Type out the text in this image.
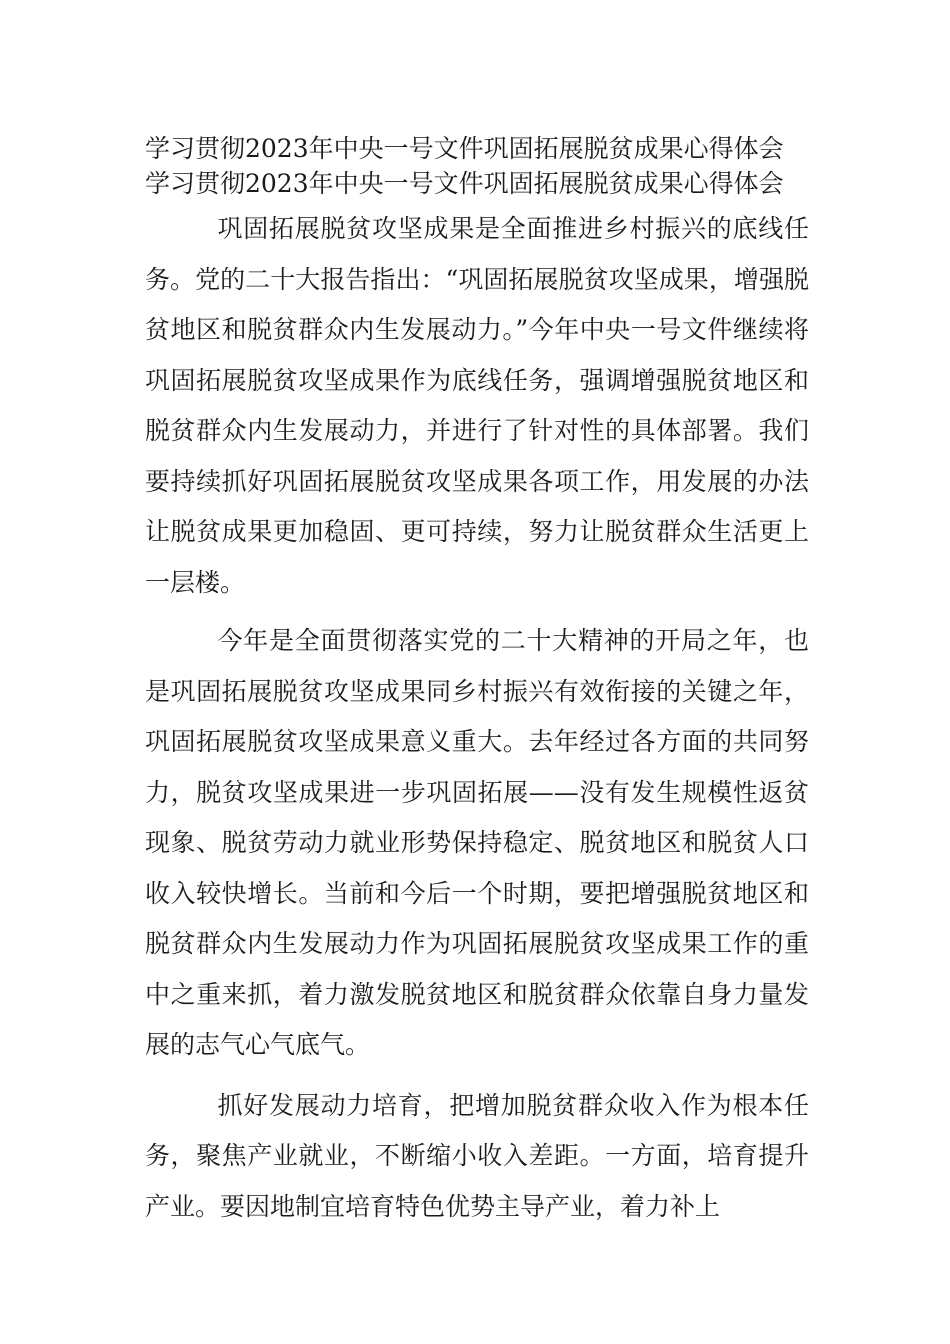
学习贯彻2023年中央一号文件巩固拓展脱贫成果心得体会
学习贯彻2023年中央一号文件巩固拓展脱贫成果心得体会

巩固拓展脱贫攻坚成果是全面推进乡村振兴的底线任务。党的二十大报告指出：“巩固拓展脱贫攻坚成果，增强脱贫地区和脱贫群众内生发展动力。”今年中央一号文件继续将巩固拓展脱贫攻坚成果作为底线任务，强调增强脱贫地区和脱贫群众内生发展动力，并进行了针对性的具体部署。我们要持续抓好巩固拓展脱贫攻坚成果各项工作，用发展的办法让脱贫成果更加稳固、更可持续，努力让脱贫群众生活更上一层楼。

今年是全面贯彻落实党的二十大精神的开局之年，也是巩固拓展脱贫攻坚成果同乡村振兴有效衔接的关键之年，巩固拓展脱贫攻坚成果意义重大。去年经过各方面的共同努力，脱贫攻坚成果进一步巩固拓展——没有发生规模性返贫现象、脱贫劳动力就业形势保持稳定、脱贫地区和脱贫人口收入较快增长。当前和今后一个时期，要把增强脱贫地区和脱贫群众内生发展动力作为巩固拓展脱贫攻坚成果工作的重中之重来抓，着力激发脱贫地区和脱贫群众依靠自身力量发展的志气心气底气。

抓好发展动力培育，把增加脱贫群众收入作为根本任务，聚焦产业就业，不断缩小收入差距。一方面，培育提升产业。要因地制宜培育特色优势主导产业，着力补上
